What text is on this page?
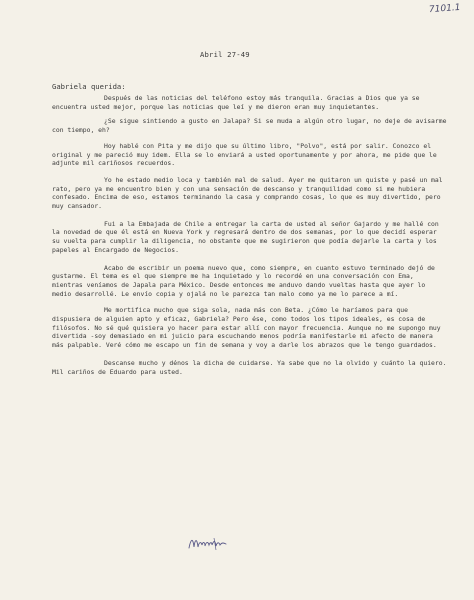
7101.1
Abril 27-49
Gabriela querida:

Después de las noticias del teléfono estoy más tranquila. Gracias a Dios que ya se encuentra usted mejor, porque las noticias que leí y me dieron eran muy inquietantes.

¿Se sigue sintiendo a gusto en Jalapa? Si se muda a algún otro lugar, no deje de avisarme con tiempo, eh?

Hoy hablé con Pita y me dijo que su último libro, "Polvo", está por salir. Conozco el original y me pareció muy idem. Ella se lo enviará a usted oportunamente y por ahora, me pide que le adjunte mil cariñosos recuerdos.

Yo he estado medio loca y también mal de salud. Ayer me quitaron un quiste y pasé un mal rato, pero ya me encuentro bien y con una sensación de descanso y tranquilidad como si me hubiera confesado. Encima de eso, estamos terminando la casa y comprando cosas, lo que es muy divertido, pero muy cansador.

Fui a la Embajada de Chile a entregar la carta de usted al señor Gajardo y me hallé con la novedad de que él está en Nueva York y regresará dentro de dos semanas, por lo que decidí esperar su vuelta para cumplir la diligencia, no obstante que me sugirieron que podía dejarle la carta y los papeles al Encargado de Negocios.

Acabo de escribir un poema nuevo que, como siempre, en cuanto estuvo terminado dejó de gustarme. El tema es el que siempre me ha inquietado y lo recordé en una conversación con Ema, mientras veníamos de Japala para México. Desde entonces me anduvo dando vueltas hasta que ayer lo medio desarrollé. Le envío copia y ojalá no le parezca tan malo como ya me lo parece a mí.

Me mortifica mucho que siga sola, nada más con Beta. ¿Cómo le haríamos para que dispusiera de alguien apto y eficaz, Gabriela? Pero ése, como todos los tipos ideales, es cosa de filósofos. No sé qué quisiera yo hacer para estar allí con mayor frecuencia. Aunque no me supongo muy divertida -soy demasiado en mi juicio para escuchando menos podría manifestarle mi afecto de manera más palpable. Veré cómo me escapo un fin de semana y voy a darle los abrazos que le tengo guardados.

Descanse mucho y dénos la dicha de cuidarse. Ya sabe que no la olvido y cuánto la quiero. Mil cariños de Eduardo para usted.
